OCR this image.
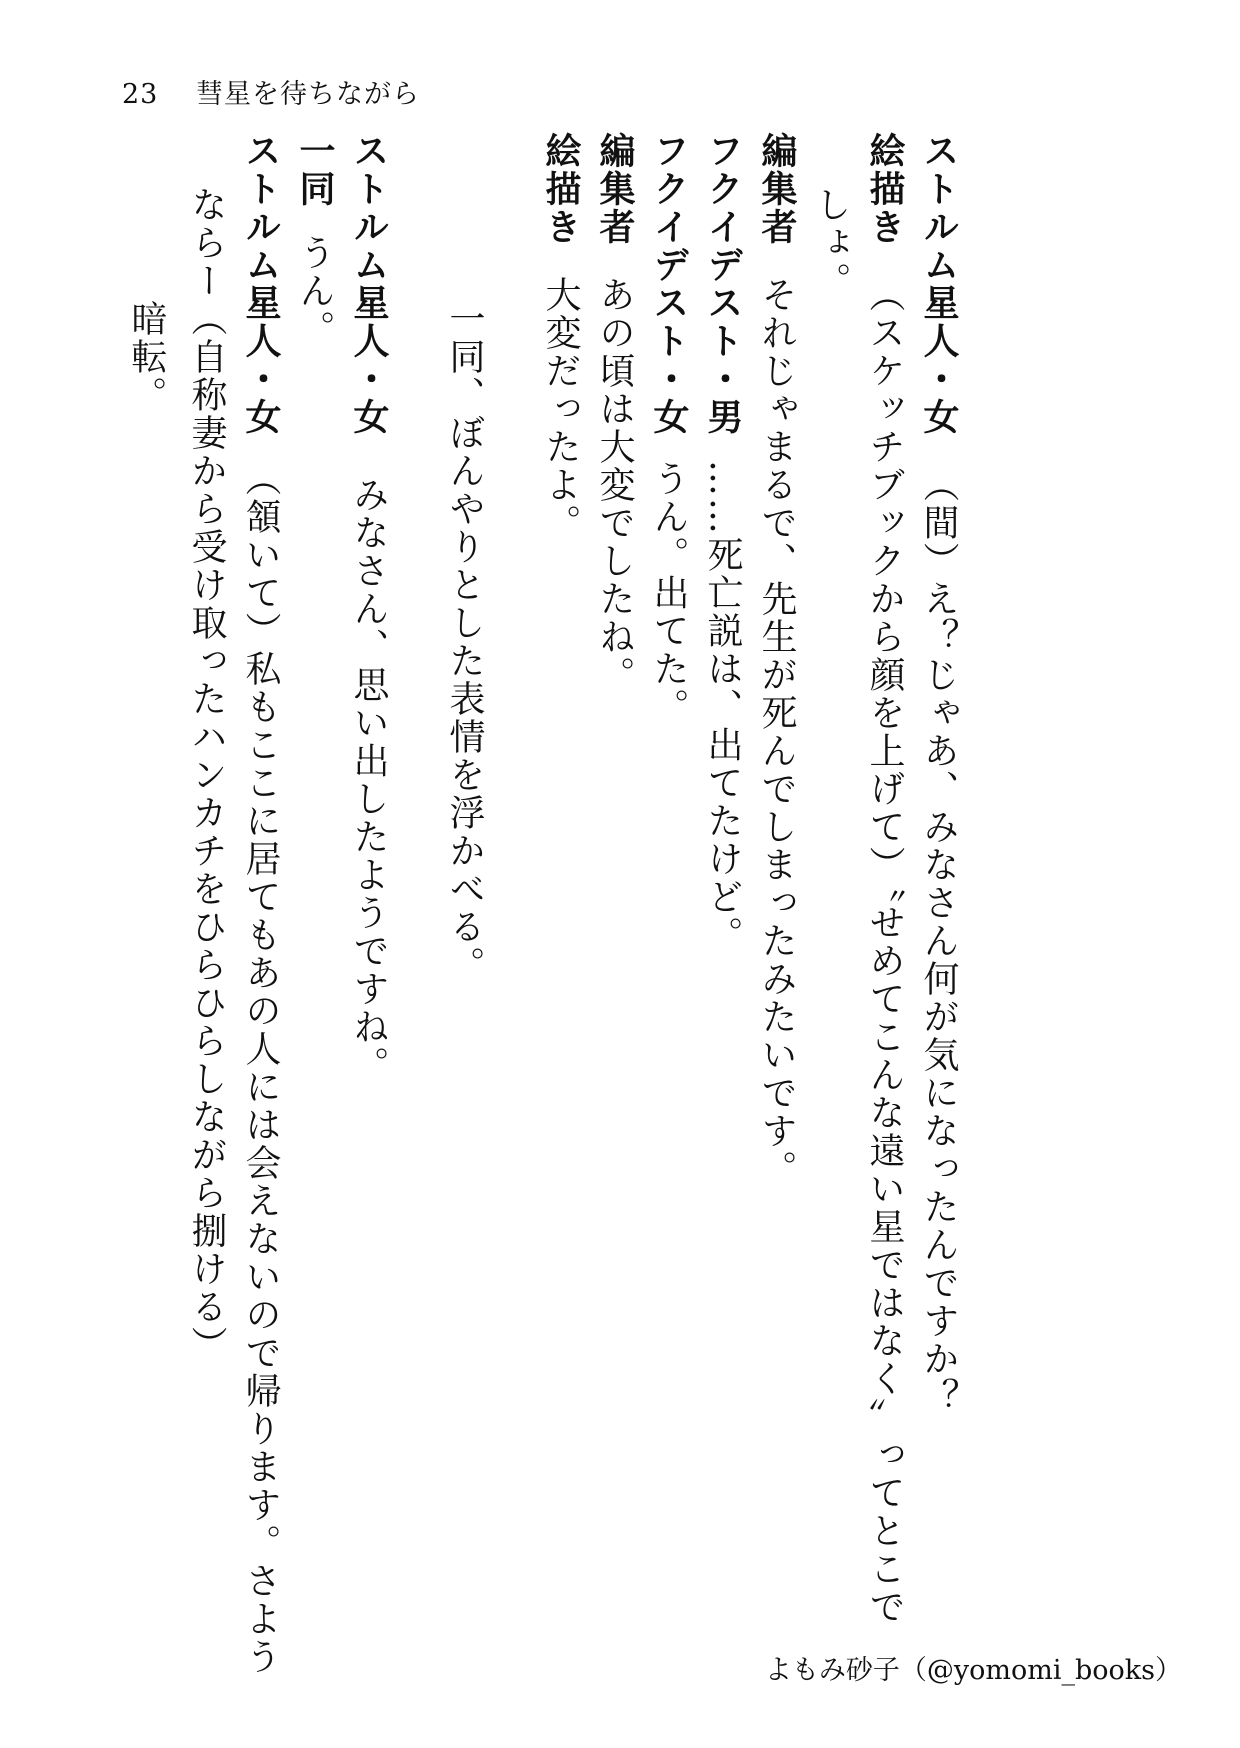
23 彗星を待ちながら
ストルム星人・女（間）え？じゃあ、みなさん何が気になったんですか？
絵描き（スケッチブックから顔を上げて）〝せめてこんな遠い星ではなく〟ってとこで
しょ。
編集者それじゃまるで、先生が死んでしまったみたいです。
フクイデスト・男……死亡説は、出てたけど。
フクイデスト・女うん。出てた。
編集者あの頃は大変でしたね。
絵描き大変だったよ。
一同、ぼんやりとした表情を浮かべる。
ストルム星人・女みなさん、思い出したようですね。
一同うん。
ストルム星人・女（頷いて）私もここに居てもあの人には会えないので帰ります。さよう
ならー（自称妻から受け取ったハンカチをひらひらしながら捌ける）
暗転。
よもみ砂子（@yomomi_books）
